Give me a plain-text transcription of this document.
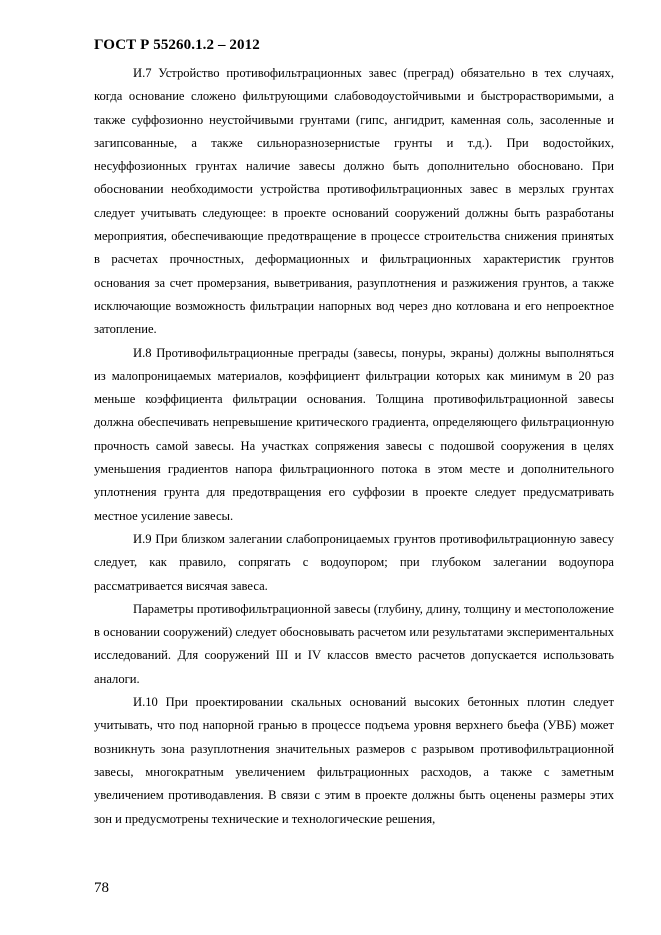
ГОСТ Р 55260.1.2 – 2012

И.7 Устройство противофильтрационных завес (преград) обязательно в тех случаях, когда основание сложено фильтрующими слабоводоустойчивыми и быстрорастворимыми, а также суффозионно неустойчивыми грунтами (гипс, ангидрит, каменная соль, засоленные и загипсованные, а также сильноразнозернистые грунты и т.д.). При водостойких, несуффозионных грунтах наличие завесы должно быть дополнительно обосновано. При обосновании необходимости устройства противофильтрационных завес в мерзлых грунтах следует учитывать следующее: в проекте оснований сооружений должны быть разработаны мероприятия, обеспечивающие предотвращение в процессе строительства снижения принятых в расчетах прочностных, деформационных и фильтрационных характеристик грунтов основания за счет промерзания, выветривания, разуплотнения и разжижения грунтов, а также исключающие возможность фильтрации напорных вод через дно котлована и его непроектное затопление.

И.8 Противофильтрационные преграды (завесы, понуры, экраны) должны выполняться из малопроницаемых материалов, коэффициент фильтрации которых как минимум в 20 раз меньше коэффициента фильтрации основания. Толщина противофильтрационной завесы должна обеспечивать непревышение критического градиента, определяющего фильтрационную прочность самой завесы. На участках сопряжения завесы с подошвой сооружения в целях уменьшения градиентов напора фильтрационного потока в этом месте и дополнительного уплотнения грунта для предотвращения его суффозии в проекте следует предусматривать местное усиление завесы.

И.9 При близком залегании слабопроницаемых грунтов противофильтрационную завесу следует, как правило, сопрягать с водоупором; при глубоком залегании водоупора рассматривается висячая завеса.

Параметры противофильтрационной завесы (глубину, длину, толщину и местоположение в основании сооружений) следует обосновывать расчетом или результатами экспериментальных исследований. Для сооружений III и IV классов вместо расчетов допускается использовать аналоги.

И.10 При проектировании скальных оснований высоких бетонных плотин следует учитывать, что под напорной гранью в процессе подъема уровня верхнего бьефа (УВБ) может возникнуть зона разуплотнения значительных размеров с разрывом противофильтрационной завесы, многократным увеличением фильтрационных расходов, а также с заметным увеличением противодавления. В связи с этим в проекте должны быть оценены размеры этих зон и предусмотрены технические и технологические решения,

78
